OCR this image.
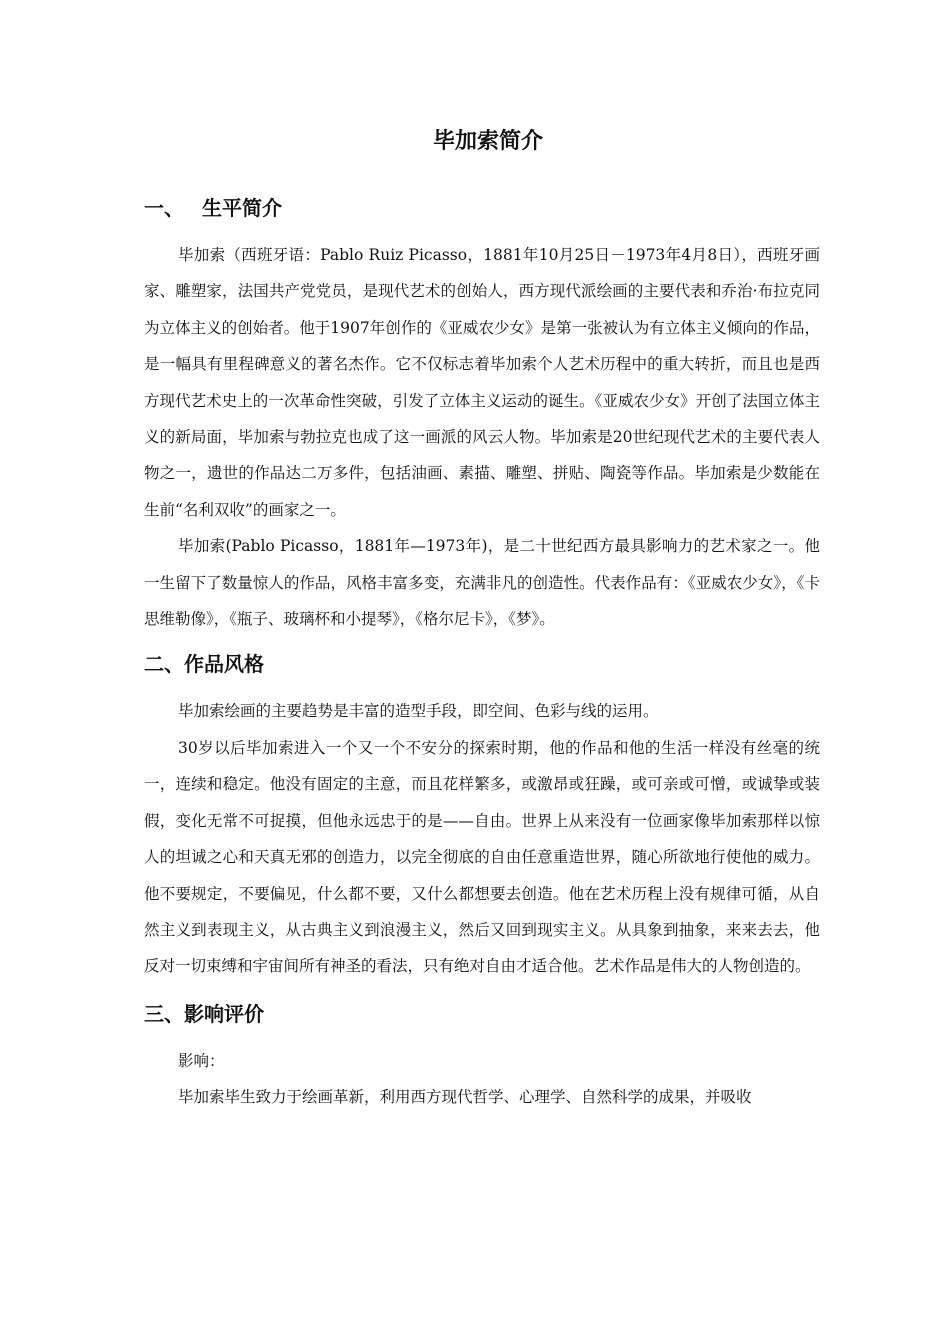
毕加索简介
一、 生平简介

毕加索（西班牙语：Pablo Ruiz Picasso，1881年10月25日－1973年4月8日），西班牙画家、雕塑家，法国共产党党员，是现代艺术的创始人，西方现代派绘画的主要代表和乔治·布拉克同为立体主义的创始者。他于1907年创作的《亚威农少女》是第一张被认为有立体主义倾向的作品，是一幅具有里程碑意义的著名杰作。它不仅标志着毕加索个人艺术历程中的重大转折，而且也是西方现代艺术史上的一次革命性突破，引发了立体主义运动的诞生。《亚威农少女》开创了法国立体主义的新局面，毕加索与勃拉克也成了这一画派的风云人物。毕加索是20世纪现代艺术的主要代表人物之一，遗世的作品达二万多件，包括油画、素描、雕塑、拼贴、陶瓷等作品。毕加索是少数能在生前“名利双收”的画家之一。

毕加索(Pablo Picasso，1881年—1973年)，是二十世纪西方最具影响力的艺术家之一。他一生留下了数量惊人的作品，风格丰富多变，充满非凡的创造性。代表作品有：《亚威农少女》，《卡思维勒像》，《瓶子、玻璃杯和小提琴》，《格尔尼卡》，《梦》。

二、作品风格

毕加索绘画的主要趋势是丰富的造型手段，即空间、色彩与线的运用。

30岁以后毕加索进入一个又一个不安分的探索时期，他的作品和他的生活一样没有丝毫的统一，连续和稳定。他没有固定的主意，而且花样繁多，或激昂或狂躁，或可亲或可憎，或诚挚或装假，变化无常不可捉摸，但他永远忠于的是——自由。世界上从来没有一位画家像毕加索那样以惊人的坦诚之心和天真无邪的创造力，以完全彻底的自由任意重造世界，随心所欲地行使他的威力。他不要规定，不要偏见，什么都不要，又什么都想要去创造。他在艺术历程上没有规律可循，从自然主义到表现主义，从古典主义到浪漫主义，然后又回到现实主义。从具象到抽象，来来去去，他反对一切束缚和宇宙间所有神圣的看法，只有绝对自由才适合他。艺术作品是伟大的人物创造的。

三、影响评价

影响：

毕加索毕生致力于绘画革新，利用西方现代哲学、心理学、自然科学的成果，并吸收
